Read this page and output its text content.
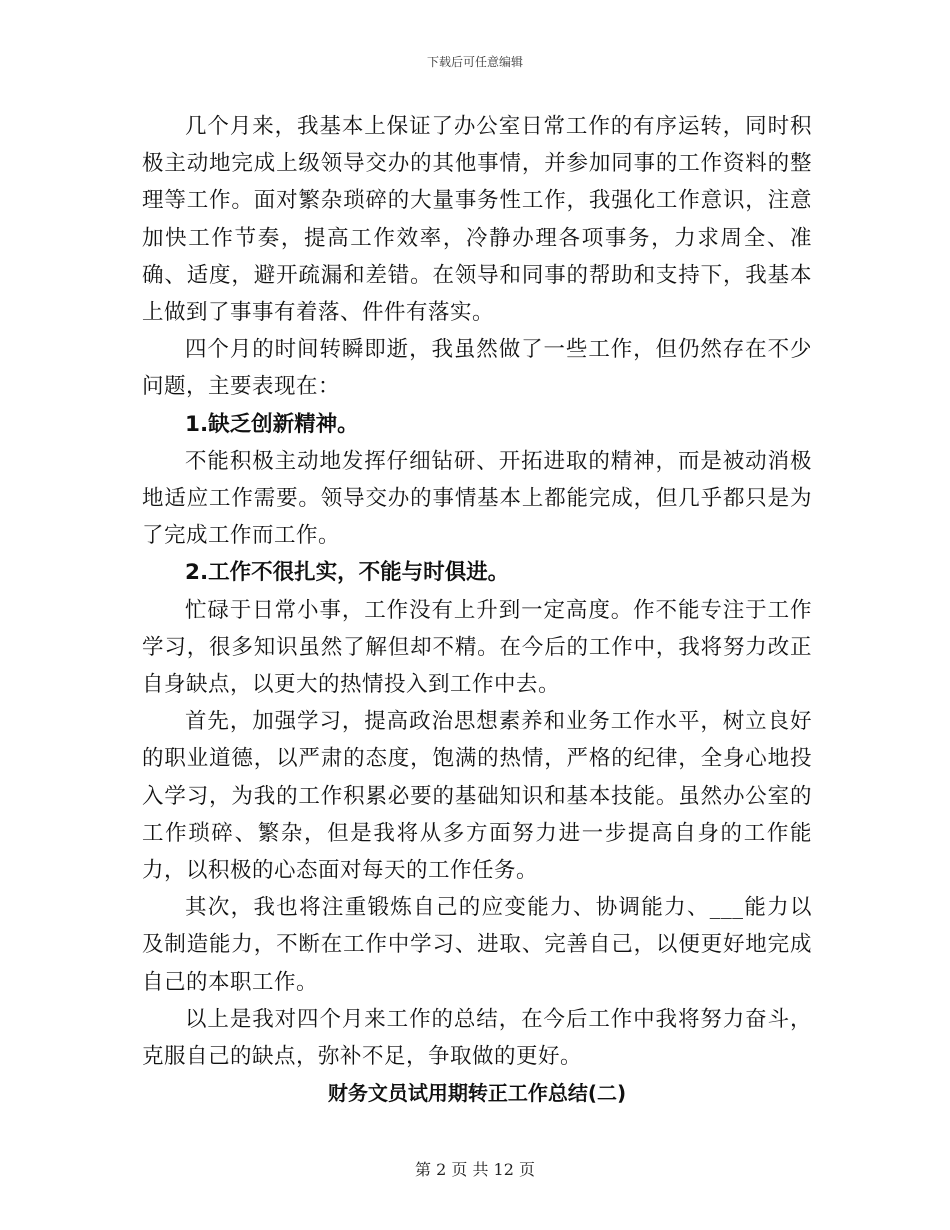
下载后可任意编辑

几个月来，我基本上保证了办公室日常工作的有序运转，同时积极主动地完成上级领导交办的其他事情，并参加同事的工作资料的整理等工作。面对繁杂琐碎的大量事务性工作，我强化工作意识，注意加快工作节奏，提高工作效率，冷静办理各项事务，力求周全、准确、适度，避开疏漏和差错。在领导和同事的帮助和支持下，我基本上做到了事事有着落、件件有落实。

四个月的时间转瞬即逝，我虽然做了一些工作，但仍然存在不少问题，主要表现在：

1.缺乏创新精神。

不能积极主动地发挥仔细钻研、开拓进取的精神，而是被动消极地适应工作需要。领导交办的事情基本上都能完成，但几乎都只是为了完成工作而工作。

2.工作不很扎实，不能与时俱进。

忙碌于日常小事，工作没有上升到一定高度。作不能专注于工作学习，很多知识虽然了解但却不精。在今后的工作中，我将努力改正自身缺点，以更大的热情投入到工作中去。

首先，加强学习，提高政治思想素养和业务工作水平，树立良好的职业道德，以严肃的态度，饱满的热情，严格的纪律，全身心地投入学习，为我的工作积累必要的基础知识和基本技能。虽然办公室的工作琐碎、繁杂，但是我将从多方面努力进一步提高自身的工作能力，以积极的心态面对每天的工作任务。

其次，我也将注重锻炼自己的应变能力、协调能力、___能力以及制造能力，不断在工作中学习、进取、完善自己，以便更好地完成自己的本职工作。

以上是我对四个月来工作的总结，在今后工作中我将努力奋斗，克服自己的缺点，弥补不足，争取做的更好。

财务文员试用期转正工作总结(二)

第 2 页 共 12 页
